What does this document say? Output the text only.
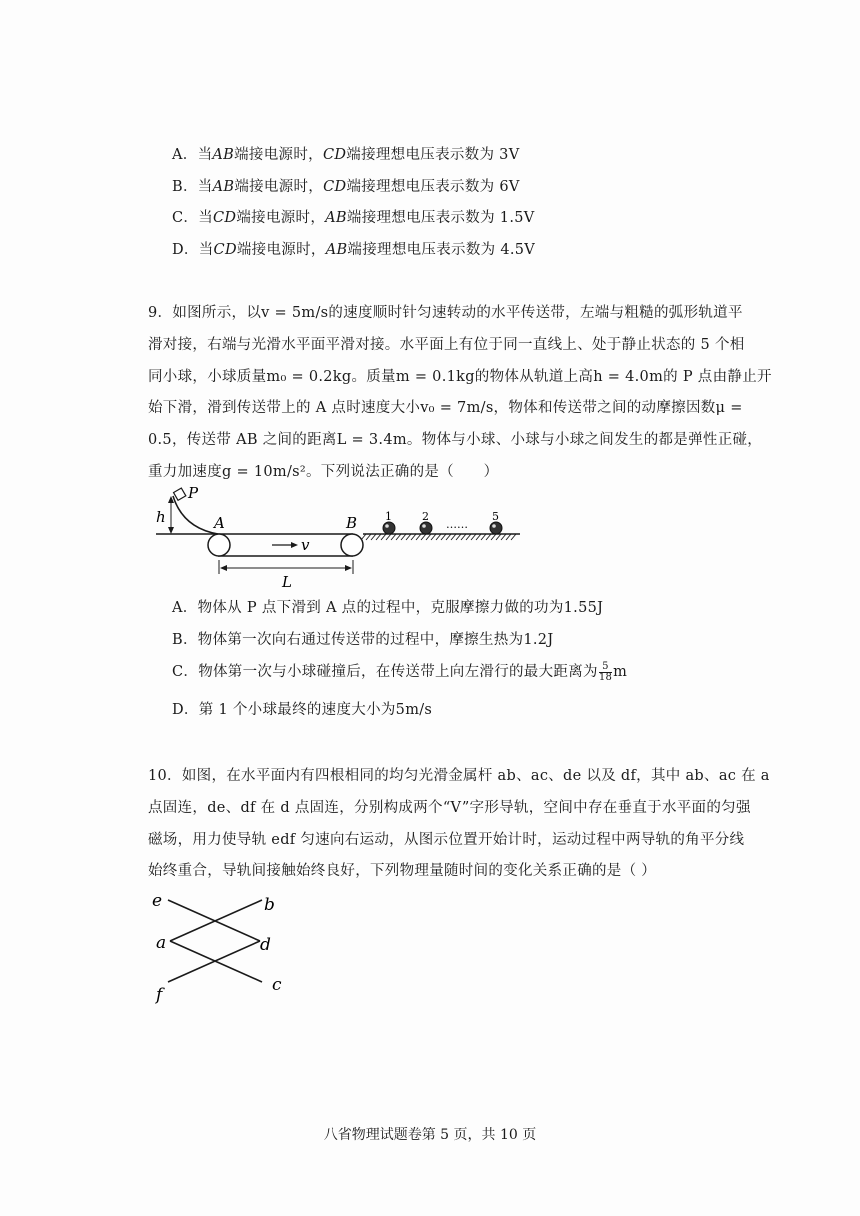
A．当AB端接电源时，CD端接理想电压表示数为 3V
B．当AB端接电源时，CD端接理想电压表示数为 6V
C．当CD端接电源时，AB端接理想电压表示数为 1.5V
D．当CD端接电源时，AB端接理想电压表示数为 4.5V
9．如图所示，以v = 5m/s的速度顺时针匀速转动的水平传送带，左端与粗糙的弧形轨道平
滑对接，右端与光滑水平面平滑对接。水平面上有位于同一直线上、处于静止状态的 5 个相
同小球，小球质量m₀ = 0.2kg。质量m = 0.1kg的物体从轨道上高h = 4.0m的 P 点由静止开
始下滑，滑到传送带上的 A 点时速度大小v₀ = 7m/s，物体和传送带之间的动摩擦因数μ =
0.5，传送带 AB 之间的距离L = 3.4m。物体与小球、小球与小球之间发生的都是弹性正碰，
重力加速度g = 10m/s²。下列说法正确的是（　　）
P
h	A	B
v
L
1	2
……
5
A．物体从 P 点下滑到 A 点的过程中，克服摩擦力做的功为1.55J
B．物体第一次向右通过传送带的过程中，摩擦生热为1.2J
C．物体第一次与小球碰撞后，在传送带上向左滑行的最大距离为 $\frac{5}{18}$ m
D．第 1 个小球最终的速度大小为5m/s
10．如图，在水平面内有四根相同的均匀光滑金属杆 ab、ac、de 以及 df，其中 ab、ac 在 a
点固连，de、df 在 d 点固连，分别构成两个“V”字形导轨，空间中存在垂直于水平面的匀强
磁场，用力使导轨 edf 匀速向右运动，从图示位置开始计时，运动过程中两导轨的角平分线
始终重合，导轨间接触始终良好，下列物理量随时间的变化关系正确的是（ ）
e	b
a	d
f	c
八省物理试题卷第 5 页，共 10 页
